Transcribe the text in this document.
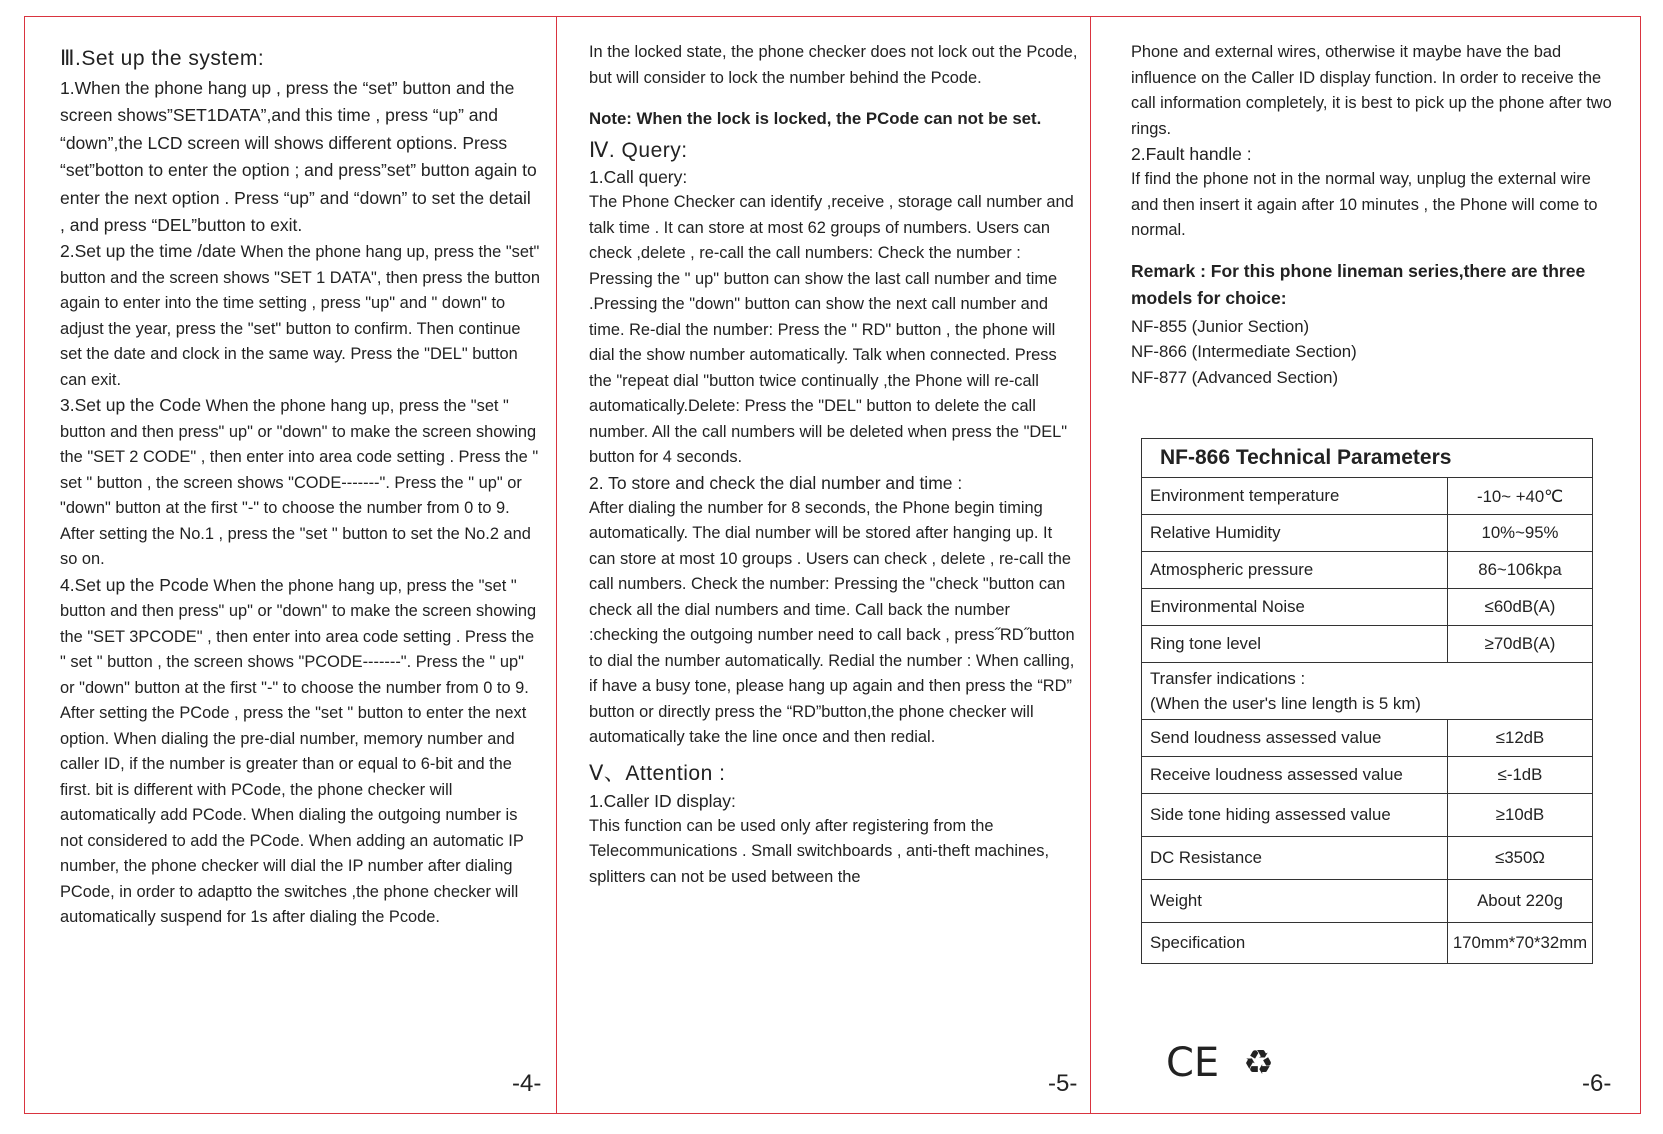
Ⅲ.Set up the system:

1.When the phone hang up , press the “set” button and the screen shows”SET1DATA”,and this time , press “up” and “down”,the LCD screen will shows different options. Press “set”botton to enter the option ; and press”set” button again to enter the next option . Press “up” and “down” to set the detail , and press “DEL”button to exit.

2.Set up the time /date When the phone hang up, press the "set" button and the screen shows "SET 1 DATA", then press the button again to enter into the time setting , press "up" and " down" to adjust the year, press the "set" button to confirm. Then continue set the date and clock in the same way. Press the "DEL" button can exit.

3.Set up the Code When the phone hang up, press the "set " button and then press" up" or "down" to make the screen showing the "SET 2 CODE" , then enter into area code setting . Press the " set " button , the screen shows "CODE-------". Press the " up" or "down" button at the first "-" to choose the number from 0 to 9. After setting the No.1 , press the "set " button to set the No.2 and so on.

4.Set up the Pcode When the phone hang up, press the "set " button and then press" up" or "down" to make the screen showing the "SET 3PCODE" , then enter into area code setting . Press the " set " button , the screen shows "PCODE-------". Press the " up" or "down" button at the first "-" to choose the number from 0 to 9. After setting the PCode , press the "set " button to enter the next option. When dialing the pre-dial number, memory number and caller ID, if the number is greater than or equal to 6-bit and the first. bit is different with PCode, the phone checker will automatically add PCode. When dialing the outgoing number is not considered to add the PCode. When adding an automatic IP number, the phone checker will dial the IP number after dialing PCode, in order to adaptto the switches ,the phone checker will automatically suspend for 1s after dialing the Pcode.

-4-

In the locked state, the phone checker does not lock out the Pcode, but will consider to lock the number behind the Pcode.

Note: When the lock is locked, the PCode can not be set.

Ⅳ. Query:
1.Call query:

The Phone Checker can identify ,receive , storage call number and talk time . It can store at most 62 groups of numbers. Users can check ,delete , re-call the call numbers: Check the number : Pressing the " up" button can show the last call number and time .Pressing the "down" button can show the next call number and time. Re-dial the number: Press the " RD" button , the phone will dial the show number automatically. Talk when connected. Press the "repeat dial "button twice continually ,the Phone will re-call automatically.Delete: Press the "DEL" button to delete the call number. All the call numbers will be deleted when press the "DEL" button for 4 seconds.

2. To store and check the dial number and time :

After dialing the number for 8 seconds, the Phone begin timing automatically. The dial number will be stored after hanging up. It can store at most 10 groups . Users can check , delete , re-call the call numbers. Check the number: Pressing the "check "button can check all the dial numbers and time. Call back the number :checking the outgoing number need to call back , press˝RD˝button to dial the number automatically. Redial the number : When calling, if have a busy tone, please hang up again and then press the “RD” button or directly press the “RD”button,the phone checker will automatically take the line once and then redial.

Ⅴ、Attention :
1.Caller ID display:

This function can be used only after registering from the Telecommunications . Small switchboards , anti-theft machines, splitters can not be used between the

-5-

Phone and external wires, otherwise it maybe have the bad influence on the Caller ID display function. In order to receive the call information completely, it is best to pick up the phone after two rings.

2.Fault handle :

If find the phone not in the normal way, unplug the external wire and then insert it again after 10 minutes , the Phone will come to normal.

Remark : For this phone lineman series,there are three models for choice:

NF-855 (Junior Section)

NF-866 (Intermediate Section)

NF-877 (Advanced Section)

NF-866 Technical Parameters	
Environment temperature	-10~ +40℃
Relative Humidity	10%~95%
Atmospheric pressure	86~106kpa
Environmental Noise	≤60dB(A)
Ring tone level	≥70dB(A)
Transfer indications :
(When the user's line length is 5 km)	
Send loudness assessed value	≤12dB
Receive loudness assessed value	≤-1dB
Side tone hiding assessed value	≥10dB
DC Resistance	≤350Ω
Weight	About 220g
Specification	170mm*70*32mm
C E ♻
-6-
